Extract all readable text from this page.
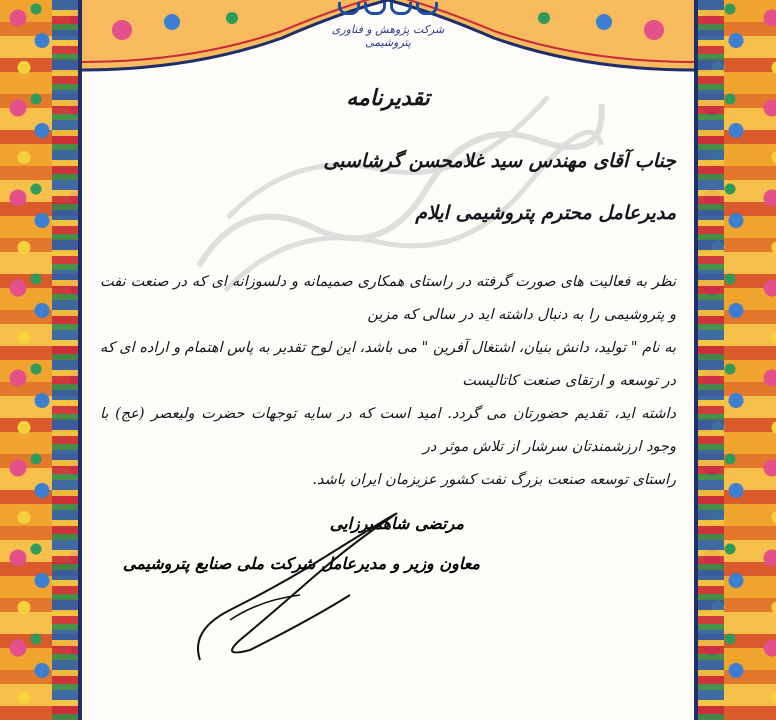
شرکت پژوهش و فناوری پتروشیمی
تقدیرنامه
جناب آقای مهندس سید غلامحسن گرشاسبی
مدیرعامل محترم پتروشیمی ایلام

نظر به فعالیت های صورت گرفته در راستای همکاری صمیمانه و دلسوزانه ای که در صنعت نفت و پتروشیمی را به دنبال داشته اید در سالی که مزین

به نام " تولید، دانش بنیان، اشتغال آفرین " می باشد، این لوح تقدیر به پاس اهتمام و اراده ای که در توسعه و ارتقای صنعت کاتالیست

داشته اید، تقدیم حضورتان می گردد. امید است که در سایه توجهات حضرت ولیعصر (عج) با وجود ارزشمندتان سرشار از تلاش موثر در

راستای توسعه صنعت بزرگ نفت کشور عزیزمان ایران باشد.

مرتضی شاهمیرزایی
معاون وزیر و مدیرعامل شرکت ملی صنایع پتروشیمی
